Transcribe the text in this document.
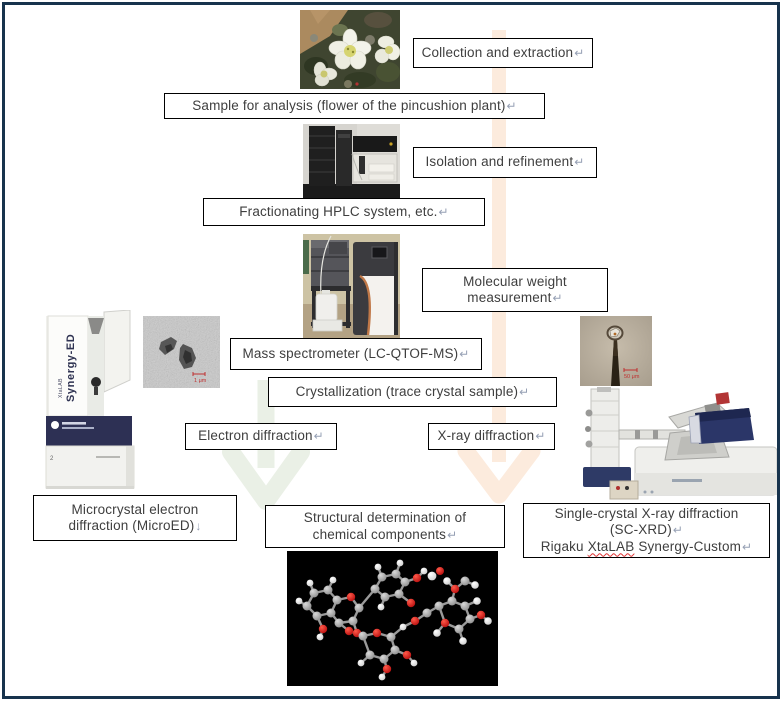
1 μm
XtaLAB Synergy-ED
2
50 μm
Collection and extraction↵
Sample for analysis (flower of the pincushion plant)↵
Isolation and refinement↵
Fractionating HPLC system, etc.↵
Molecular weight
measurement↵
Mass spectrometer (LC-QTOF-MS)↵
Crystallization (trace crystal sample)↵
Electron diffraction↵	X-ray diffraction↵
Microcrystal electron
diffraction (MicroED)↓
Structural determination of
chemical components↵
Single-crystal X-ray diffraction
(SC-XRD)↵
Rigaku XtaLAB Synergy-Custom↵
